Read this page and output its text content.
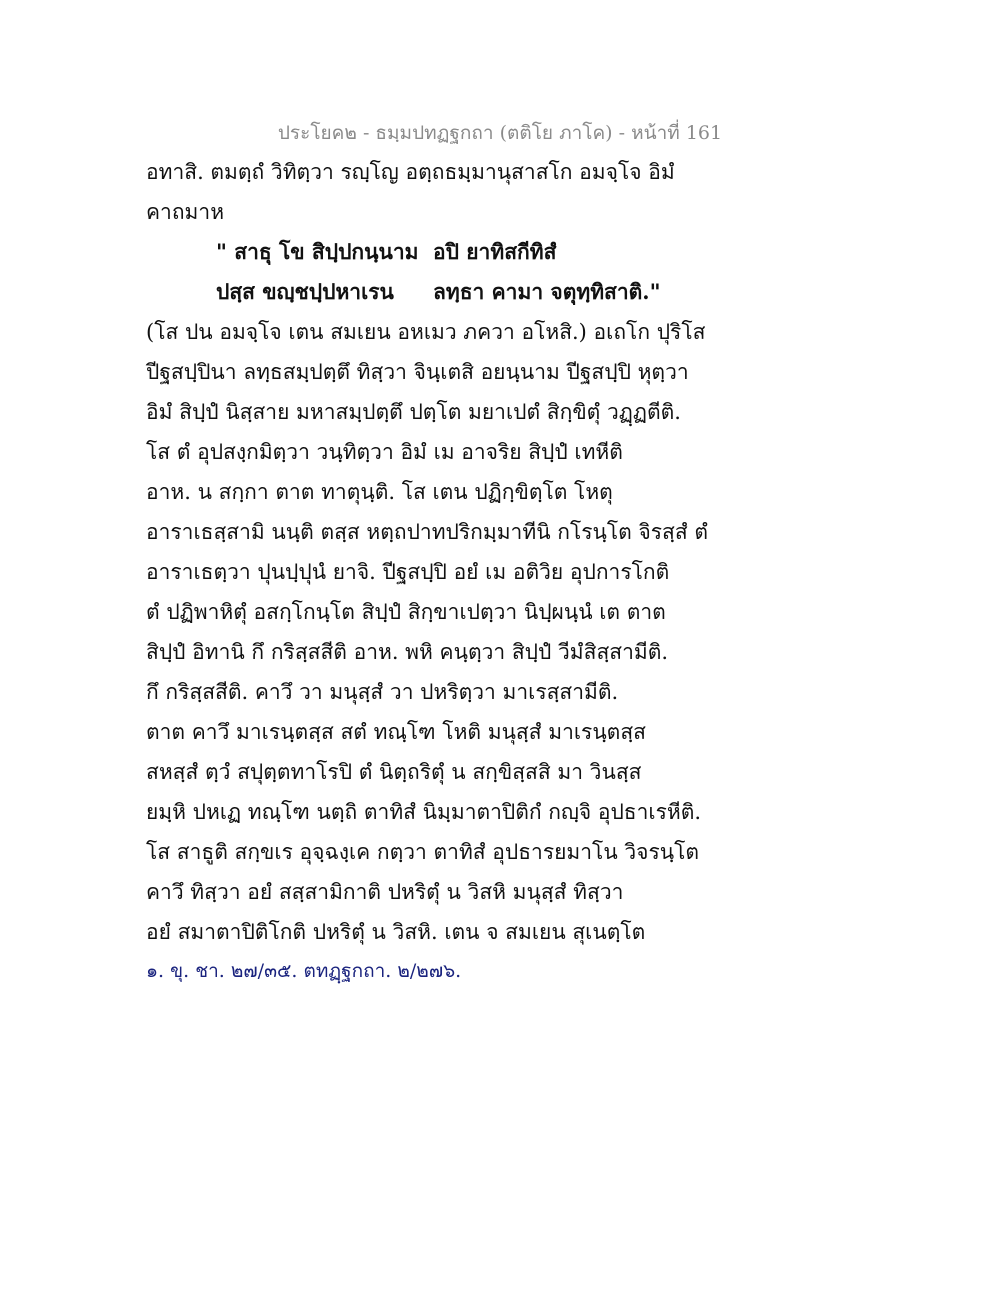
ประโยค๒ - ธมฺมปทฏฐกถา (ตติโย ภาโค) - หน้าที่ 161
อทาสิ. ตมตฺถํ วิทิตฺวา รญฺโญ อตฺถธมฺมานุสาสโก อมจฺโจ อิมํ
คาถมาห
" สาธุ โข สิปฺปกนฺนาม อปิ ยาทิสกีทิสํ
ปสฺส ขญฺชปฺปหาเรน ลทฺธา คามา จตุทฺทิสาติ."
(โส ปน อมจฺโจ เตน สมเยน อหเมว ภควา อโหสิ.) อเถโก ปุริโส
ปีฐสปฺปินา ลทฺธสมฺปตฺตึ ทิสฺวา จินฺเตสิ อยนฺนาม ปีฐสปฺปิ หุตฺวา
อิมํ สิปฺปํ นิสฺสาย มหาสมฺปตฺตึ ปตฺโต มยาเปตํ สิกฺขิตุํ วฏฺฏตีติ.
โส ตํ อุปสงฺกมิตฺวา วนฺทิตฺวา อิมํ เม อาจริย สิปฺปํ เทหีติ
อาห. น สกฺกา ตาต ทาตุนฺติ. โส เตน ปฏิกฺขิตฺโต โหตุ
อาราเธสฺสามิ นนฺติ ตสฺส หตฺถปาทปริกมฺมาทีนิ กโรนฺโต จิรสฺสํ ตํ
อาราเธตฺวา ปุนปฺปุนํ ยาจิ. ปีฐสปฺปิ อยํ เม อติวิย อุปการโกติ
ตํ ปฏิพาหิตุํ อสกฺโกนฺโต สิปฺปํ สิกฺขาเปตฺวา นิปฺผนฺนํ เต ตาต
สิปฺปํ อิทานิ กึ กริสฺสสีติ อาห. พหิ คนฺตฺวา สิปฺปํ วีมํสิสฺสามีติ.
กึ กริสฺสสีติ. คาวึ วา มนุสฺสํ วา ปหริตฺวา มาเรสฺสามีติ.
ตาต คาวึ มาเรนฺตสฺส สตํ ทณฺโฑ โหติ มนุสฺสํ มาเรนฺตสฺส
สหสฺสํ ตฺวํ สปุตฺตทาโรปิ ตํ นิตฺถริตุํ น สกฺขิสฺสสิ มา วินสฺส
ยมฺหิ ปหเฏ ทณฺโฑ นตฺถิ ตาทิสํ นิมฺมาตาปิติกํ กญฺจิ อุปธาเรหีติ.
โส สาธูติ สกฺขเร อุจฺฉงฺเค กตฺวา ตาทิสํ อุปธารยมาโน วิจรนฺโต
คาวึ ทิสฺวา อยํ สสฺสามิกาติ ปหริตุํ น วิสหิ มนุสฺสํ ทิสฺวา
อยํ สมาตาปิติโกติ ปหริตุํ น วิสหิ. เตน จ สมเยน สุเนตฺโต
๑. ขุ. ชา. ๒๗/๓๕. ตทฏฺฐกถา. ๒/๒๗๖.
